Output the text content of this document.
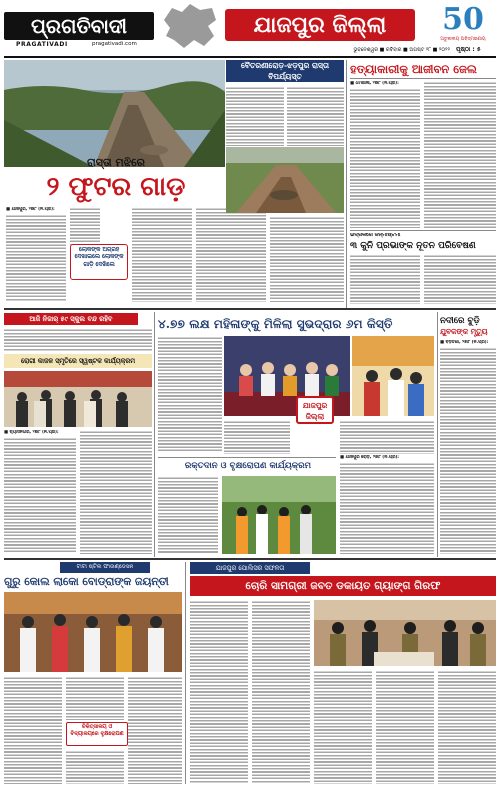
ପ୍ରଗତିବାଦୀ
PRAGATIVADI	pragativadi.com
ଯାଜପୁର ଜିଲ୍ଲା	50
ଅତୁଲନୀୟ ଅବିସ୍ମରଣୀୟ
ଭୁବନେଶ୍ୱର ■ ରବିବାର ■ ଅଗଷ୍ଟ ୨୮ ■ ୨୦୨୨ ପୃଷ୍ଠା : ୫
ବୈତରଣୀରୋଡ଼-ଝଡ଼ପୁର ରାସ୍ତା ବିପର୍ଯ୍ୟସ୍ତ
ରାସ୍ତା ମଝିରେ
୨ ଫୁଟର ଗାଡ଼
■ ଯାଜପୁର, ୨୭ା୮ (ନି.ପ୍ର):
ଲୋକଙ୍କ ଅଗ୍ରହ ଦେଖାଇଲେ ଲୋକଙ୍କ ଗାଡ଼ି ଦେଖିଲେ
ହତ୍ୟାକାରୀକୁ ଆଜୀବନ ଜେଲ
■ ଧର୍ମଶାଳା, ୨୭ା୮ (ନି.ପ୍ର):
ଭଦ୍ରକରେ ଜନ୍ମାଷ୍ଟମୀ
୩ କୁନି ପ୍ରଭାଙ୍କ ନୂତନ ପରିବେଷଣ
ଆଜି ନିଜାର୍‌ ୫୯ ସ୍କୁଲ ବନ୍ଦ ରହିବ
ରୋଗୀ କାଜଳ ସ୍ମୃତିରେ ସ୍ୱଷ୍ଟକ କାର୍ଯ୍ୟକ୍ରମ
■ ବ୍ୟାସନଗର, ୨୭ା୮ (ନି.ପ୍ର):
୪.୭୭ ଲକ୍ଷ ମହିଳାଙ୍କୁ ମିଳିଲା ସୁଭଦ୍ରାର ୬ମ କିସ୍ତି
ଯାଜପୁର ଜିଲ୍ଲା
■ ଯାଜପୁର ରୋଡ଼, ୨୭ା୮ (ନି.ପ୍ର):
ରକ୍ତଦାନ ଓ ବୃକ୍ଷରୋପଣ କାର୍ଯ୍ୟକ୍ରମ
ନଦୀରେ ବୁଡ଼ି
ଯୁବକଙ୍କ ମୃତ୍ୟୁ
■ ବଡ଼ଚଣା, ୨୭ା୮ (ନି.ପ୍ର):
ଟାଟା ଷ୍ଟିଲ ଫାଉଣ୍ଡେସନ
ଗୁରୁ କୋଲ ଲାକୋ ବୋଡ୍ରାଙ୍କ ଜୟନ୍ତୀ
ଚିକିତ୍ସାଳୟ ଓ ବିଦ୍ୟାଳୟରେ ବୃକ୍ଷରୋପଣ
ଯାଜପୁର ପୋଲିସର ସଫଳତା
ଚୋରି ସାମଗ୍ରୀ ଜବତ ଡକାୟତ ଗ୍ୟାଙ୍ଗ ଗିରଫ
